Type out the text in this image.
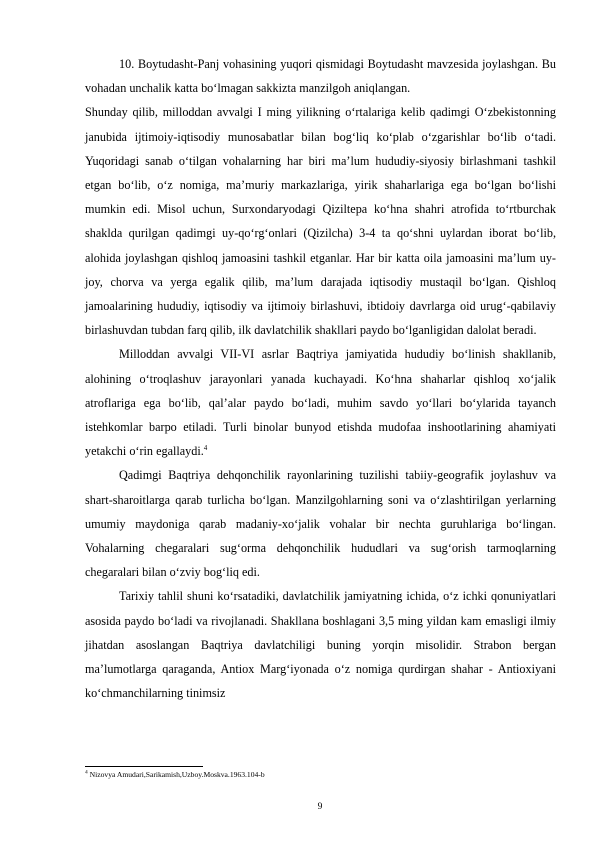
10. Boytudasht-Panj vohasining yuqori qismidagi Boytudasht mavzesida joylashgan. Bu vohadan unchalik katta bo‘lmagan sakkizta manzilgoh aniqlangan.

Shunday qilib, milloddan avvalgi I ming yilikning o‘rtalariga kelib qadimgi O‘zbekistonning janubida ijtimoiy-iqtisodiy munosabatlar bilan bog‘liq ko‘plab o‘zgarishlar bo‘lib o‘tadi. Yuqoridagi sanab o‘tilgan vohalarning har biri ma’lum hududiy-siyosiy birlashmani tashkil etgan bo‘lib, o‘z nomiga, ma’muriy markazlariga, yirik shaharlariga ega bo‘lgan bo‘lishi mumkin edi. Misol uchun, Surxondaryodagi Qiziltepa ko‘hna shahri atrofida to‘rtburchak shaklda qurilgan qadimgi uy-qo‘rg‘onlari (Qizilcha) 3-4 ta qo‘shni uylardan iborat bo‘lib, alohida joylashgan qishloq jamoasini tashkil etganlar. Har bir katta oila jamoasini ma’lum uy-joy, chorva va yerga egalik qilib, ma’lum darajada iqtisodiy mustaqil bo‘lgan. Qishloq jamoalarining hududiy, iqtisodiy va ijtimoiy birlashuvi, ibtidoiy davrlarga oid urug‘-qabilaviy birlashuvdan tubdan farq qilib, ilk davlatchilik shakllari paydo bo‘lganligidan dalolat beradi.

Milloddan avvalgi VII-VI asrlar Baqtriya jamiyatida hududiy bo‘linish shakllanib, alohining o‘troqlashuv jarayonlari yanada kuchayadi. Ko‘hna shaharlar qishloq xo‘jalik atroflariga ega bo‘lib, qal’alar paydo bo‘ladi, muhim savdo yo‘llari bo‘ylarida tayanch istehkomlar barpo etiladi. Turli binolar bunyod etishda mudofaa inshootlarining ahamiyati yetakchi o‘rin egallaydi.$^4$

Qadimgi Baqtriya dehqonchilik rayonlarining tuzilishi tabiiy-geografik joylashuv va shart-sharoitlarga qarab turlicha bo‘lgan. Manzilgohlarning soni va o‘zlashtirilgan yerlarning umumiy maydoniga qarab madaniy-xo‘jalik vohalar bir nechta guruhlariga bo‘lingan. Vohalarning chegaralari sug‘orma dehqonchilik hududlari va sug‘orish tarmoqlarning chegaralari bilan o‘zviy bog‘liq edi.

Tarixiy tahlil shuni ko‘rsatadiki, davlatchilik jamiyatning ichida, o‘z ichki qonuniyatlari asosida paydo bo‘ladi va rivojlanadi. Shakllana boshlagani 3,5 ming yildan kam emasligi ilmiy jihatdan asoslangan Baqtriya davlatchiligi buning yorqin misolidir. Strabon bergan ma’lumotlarga qaraganda, Antiox Marg‘iyonada o‘z nomiga qurdirgan shahar - Antioxiyani ko‘chmanchilarning tinimsiz

$^4$ Nizovya Amudari,Sarikamish,Uzboy.Moskva.1963.104-b
9
